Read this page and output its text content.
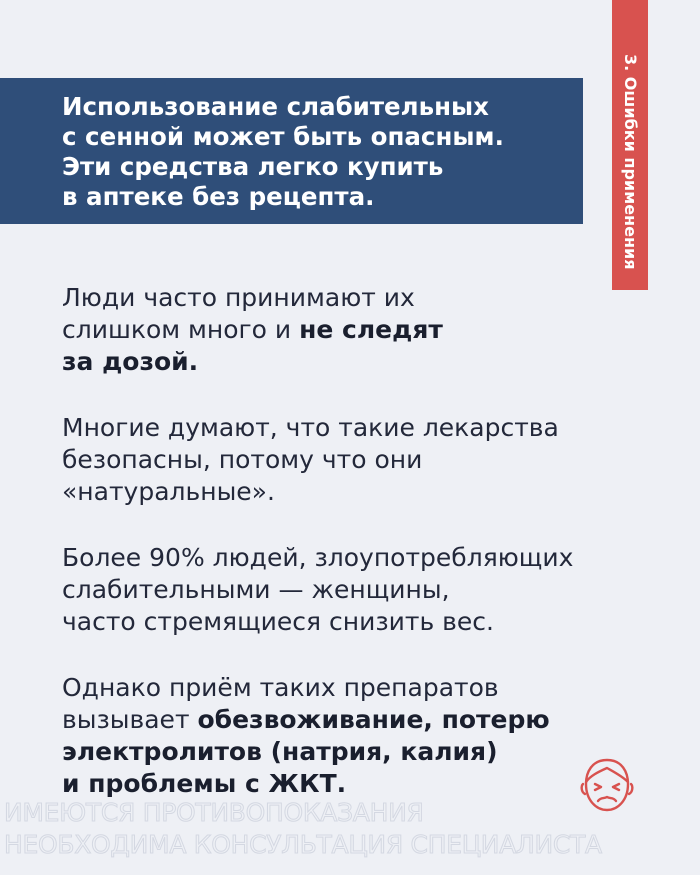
Использование слабительных
с сенной может быть опасным.
Эти средства легко купить
в аптеке без рецепта.	3. Ошибки применения

Люди часто принимают их
слишком много и не следят
за дозой.

Многие думают, что такие лекарства
безопасны, потому что они
«натуральные».

Более 90% людей, злоупотребляющих
слабительными — женщины,
часто стремящиеся снизить вес.

Однако приём таких препаратов
вызывает обезвоживание, потерю
электролитов (натрия, калия)
и проблемы с ЖКТ.

ИМЕЮТСЯ ПРОТИВОПОКАЗАНИЯ
НЕОБХОДИМА КОНСУЛЬТАЦИЯ СПЕЦИАЛИСТА
